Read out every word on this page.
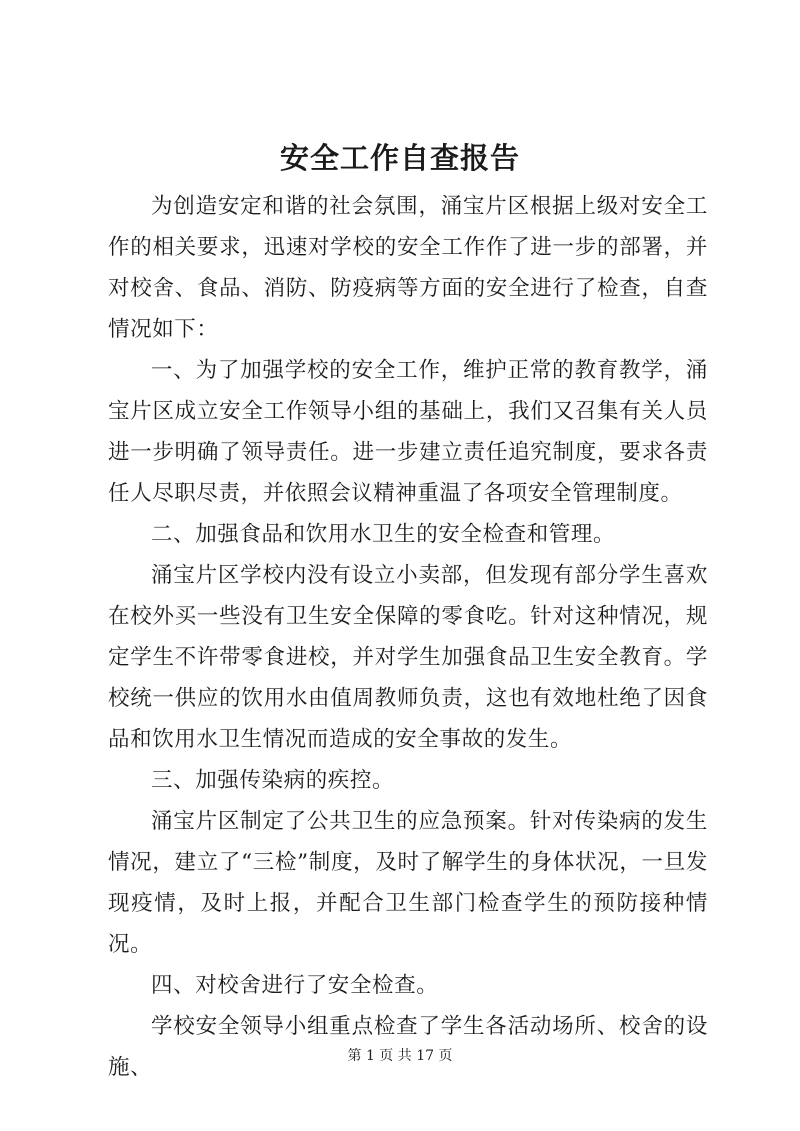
安全工作自查报告

为创造安定和谐的社会氛围，涌宝片区根据上级对安全工作的相关要求，迅速对学校的安全工作作了进一步的部署，并对校舍、食品、消防、防疫病等方面的安全进行了检查，自查情况如下：

一、为了加强学校的安全工作，维护正常的教育教学，涌宝片区成立安全工作领导小组的基础上，我们又召集有关人员进一步明确了领导责任。进一步建立责任追究制度，要求各责任人尽职尽责，并依照会议精神重温了各项安全管理制度。

二、加强食品和饮用水卫生的安全检查和管理。

涌宝片区学校内没有设立小卖部，但发现有部分学生喜欢在校外买一些没有卫生安全保障的零食吃。针对这种情况，规定学生不许带零食进校，并对学生加强食品卫生安全教育。学校统一供应的饮用水由值周教师负责，这也有效地杜绝了因食品和饮用水卫生情况而造成的安全事故的发生。

三、加强传染病的疾控。

涌宝片区制定了公共卫生的应急预案。针对传染病的发生情况，建立了“三检”制度，及时了解学生的身体状况，一旦发现疫情，及时上报，并配合卫生部门检查学生的预防接种情况。

四、对校舍进行了安全检查。

学校安全领导小组重点检查了学生各活动场所、校舍的设施、	第 1 页 共 17 页
